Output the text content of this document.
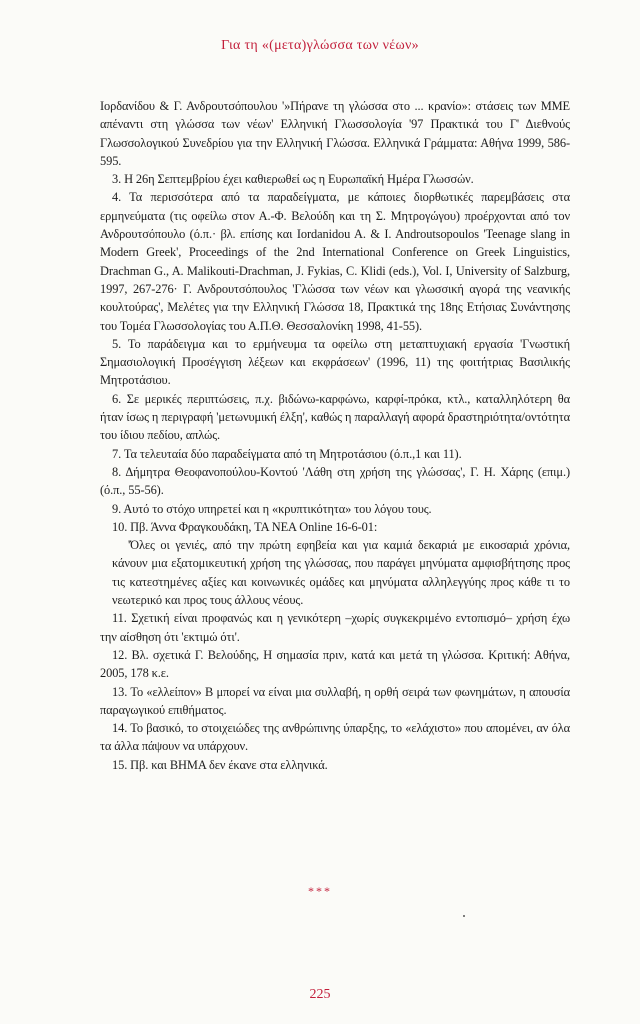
Για τη «(μετα)γλώσσα των νέων»

Ιορδανίδου & Γ. Ανδρουτσόπουλου '»Πήρανε τη γλώσσα στο ... κρανίο»: στάσεις των ΜΜΕ απέναντι στη γλώσσα των νέων' Ελληνική Γλωσσολογία '97 Πρακτικά του Γ' Διεθνούς Γλωσσολογικού Συνεδρίου για την Ελληνική Γλώσσα. Ελληνικά Γράμματα: Αθήνα 1999, 586-595.

3. Η 26η Σεπτεμβρίου έχει καθιερωθεί ως η Ευρωπαϊκή Ημέρα Γλωσσών.

4. Τα περισσότερα από τα παραδείγματα, με κάποιες διορθωτικές παρεμβάσεις στα ερμηνεύματα (τις οφείλω στον Α.-Φ. Βελούδη και τη Σ. Μητρογώγου) προέρχονται από τον Ανδρουτσόπουλο (ό.π.· βλ. επίσης και Iordanidou A. & I. Androutsopoulos 'Teenage slang in Modern Greek', Proceedings of the 2nd International Conference on Greek Linguistics, Drachman G., A. Malikouti-Drachman, J. Fykias, C. Klidi (eds.), Vol. I, University of Salzburg, 1997, 267-276· Γ. Ανδρουτσόπουλος 'Γλώσσα των νέων και γλωσσική αγορά της νεανικής κουλτούρας', Μελέτες για την Ελληνική Γλώσσα 18, Πρακτικά της 18ης Ετήσιας Συνάντησης του Τομέα Γλωσσολογίας του Α.Π.Θ. Θεσσαλονίκη 1998, 41-55).

5. Το παράδειγμα και το ερμήνευμα τα οφείλω στη μεταπτυχιακή εργασία 'Γνωστική Σημασιολογική Προσέγγιση λέξεων και εκφράσεων' (1996, 11) της φοιτήτριας Βασιλικής Μητροτάσιου.

6. Σε μερικές περιπτώσεις, π.χ. βιδώνω-καρφώνω, καρφί-πρόκα, κτλ., καταλληλότερη θα ήταν ίσως η περιγραφή 'μετωνυμική έλξη', καθώς η παραλλαγή αφορά δραστηριότητα/οντότητα του ίδιου πεδίου, απλώς.

7. Τα τελευταία δύο παραδείγματα από τη Μητροτάσιου (ό.π.,1 και 11).

8. Δήμητρα Θεοφανοπούλου-Κοντού 'Λάθη στη χρήση της γλώσσας', Γ. Η. Χάρης (επιμ.) (ό.π., 55-56).

9. Αυτό το στόχο υπηρετεί και η «κρυπτικότητα» του λόγου τους.

10. Πβ. Άννα Φραγκουδάκη, ΤΑ ΝΕΑ Online 16-6-01:

'Όλες οι γενιές, από την πρώτη εφηβεία και για καμιά δεκαριά με εικοσαριά χρόνια, κάνουν μια εξατομικευτική χρήση της γλώσσας, που παράγει μηνύματα αμφισβήτησης προς τις κατεστημένες αξίες και κοινωνικές ομάδες και μηνύματα αλληλεγγύης προς κάθε τι το νεωτερικό και προς τους άλλους νέους.

11. Σχετική είναι προφανώς και η γενικότερη –χωρίς συγκεκριμένο εντοπισμό– χρήση έχω την αίσθηση ότι 'εκτιμώ ότι'.

12. Βλ. σχετικά Γ. Βελούδης, Η σημασία πριν, κατά και μετά τη γλώσσα. Κριτική: Αθήνα, 2005, 178 κ.ε.

13. Το «ελλείπον» Β μπορεί να είναι μια συλλαβή, η ορθή σειρά των φωνημάτων, η απουσία παραγωγικού επιθήματος.

14. Το βασικό, το στοιχειώδες της ανθρώπινης ύπαρξης, το «ελάχιστο» που απομένει, αν όλα τα άλλα πάψουν να υπάρχουν.

15. Πβ. και ΒΗΜΑ δεν έκανε στα ελληνικά.

***
225
